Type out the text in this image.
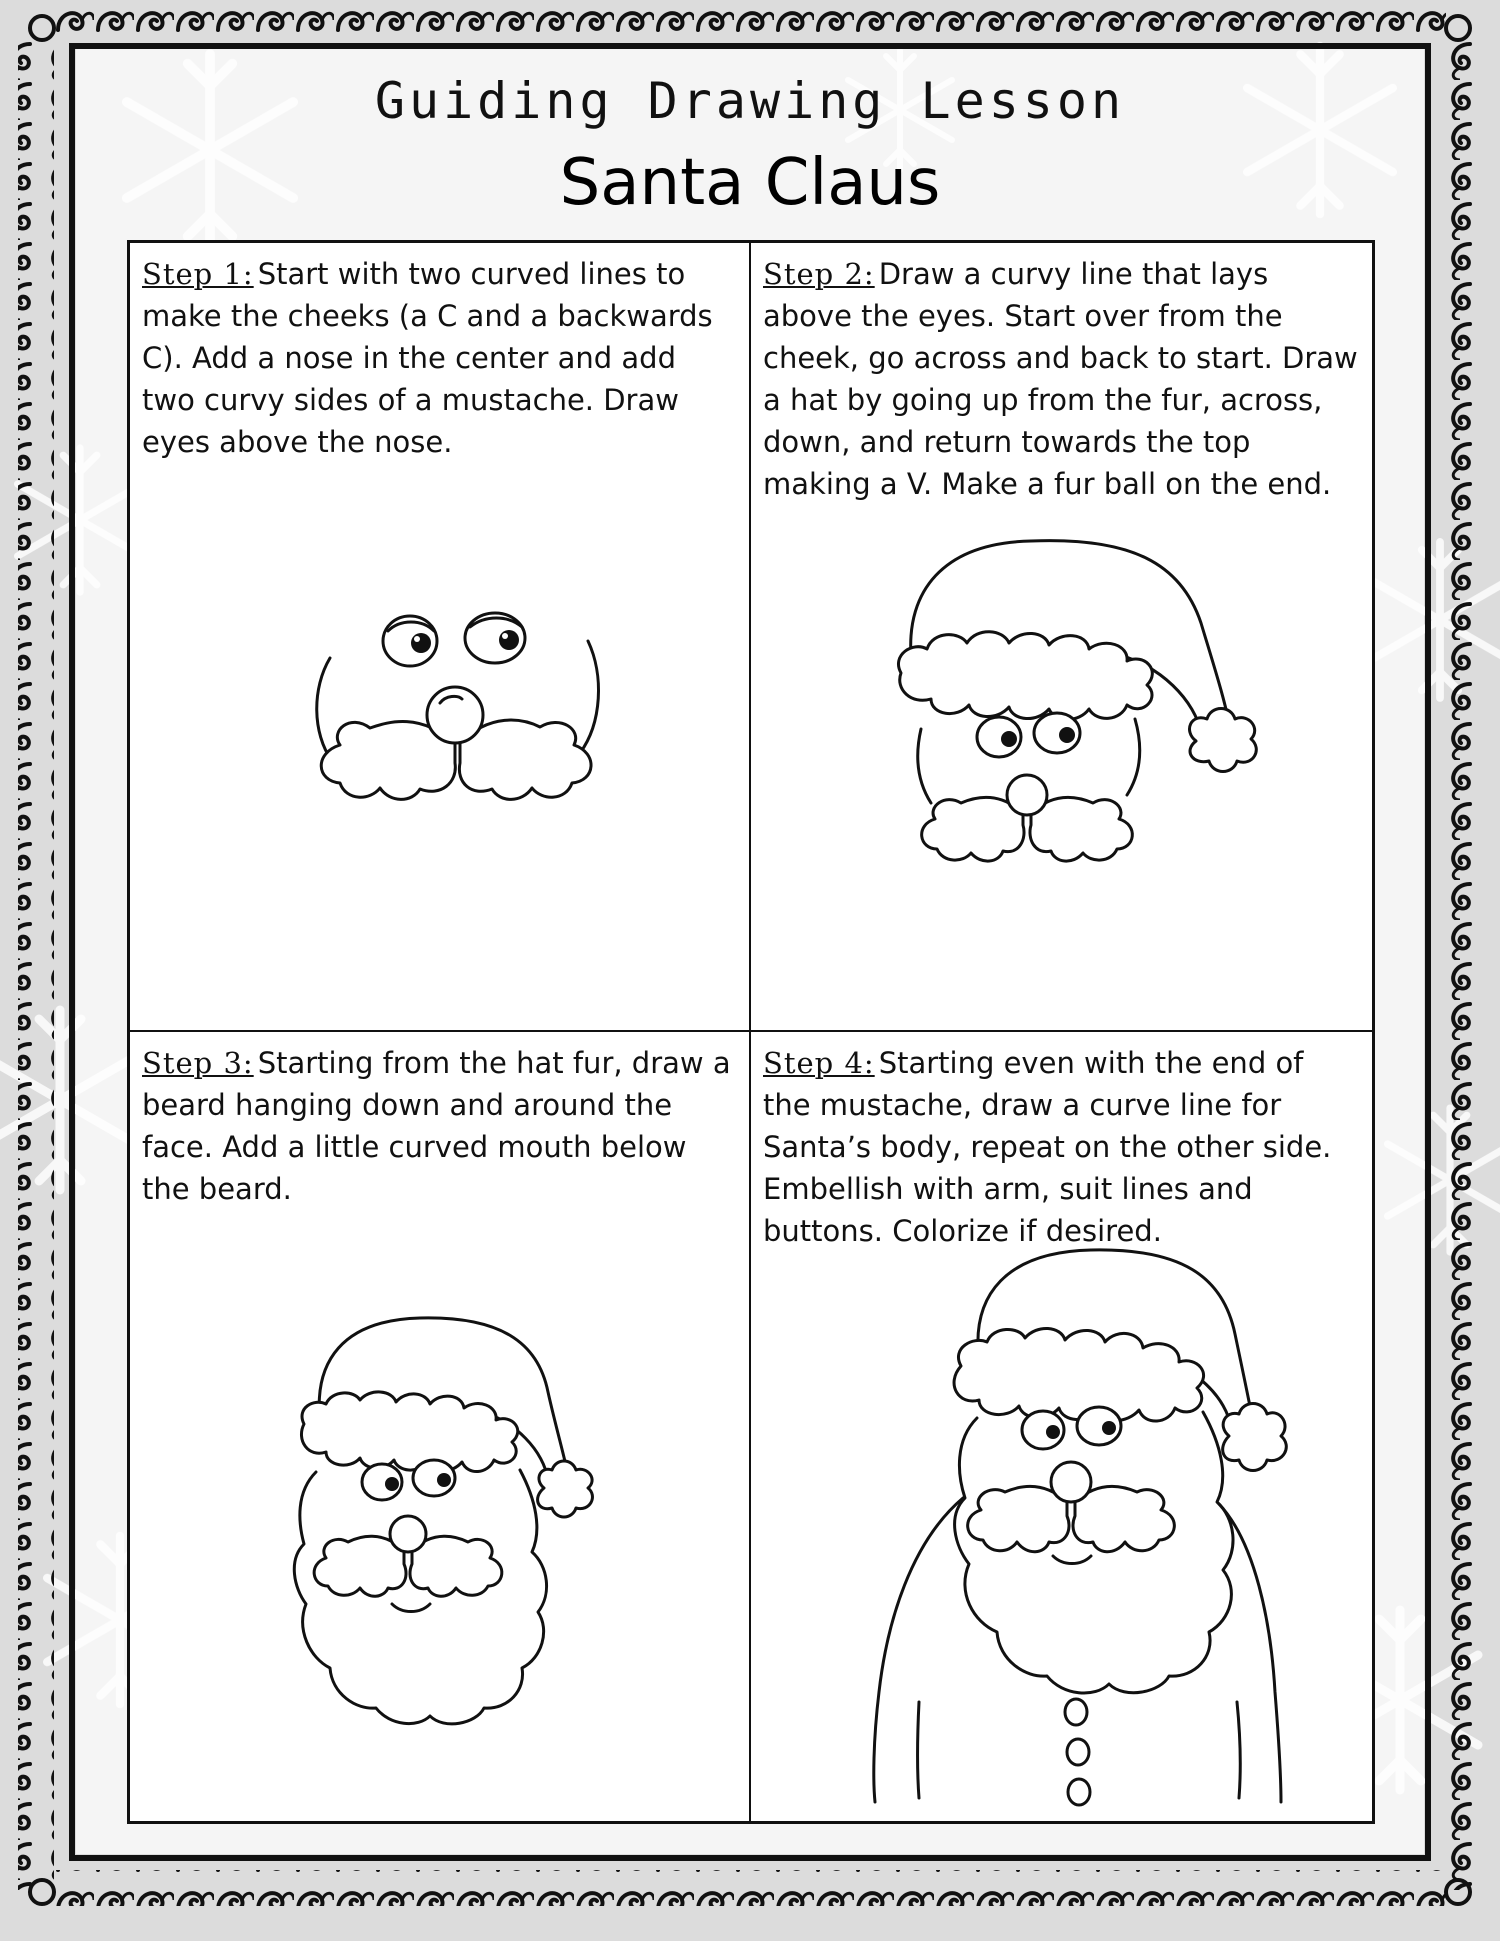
Guiding Drawing Lesson
Santa Claus

Step 1: Start with two curved lines to make the cheeks (a C and a backwards C). Add a nose in the center and add two curvy sides of a mustache. Draw eyes above the nose.

Step 2: Draw a curvy line that lays above the eyes. Start over from the cheek, go across and back to start. Draw a hat by going up from the fur, across, down, and return towards the top making a V. Make a fur ball on the end.

Step 3: Starting from the hat fur, draw a beard hanging down and around the face. Add a little curved mouth below the beard.

Step 4: Starting even with the end of the mustache, draw a curve line for Santa’s body, repeat on the other side. Embellish with arm, suit lines and buttons. Colorize if desired.
